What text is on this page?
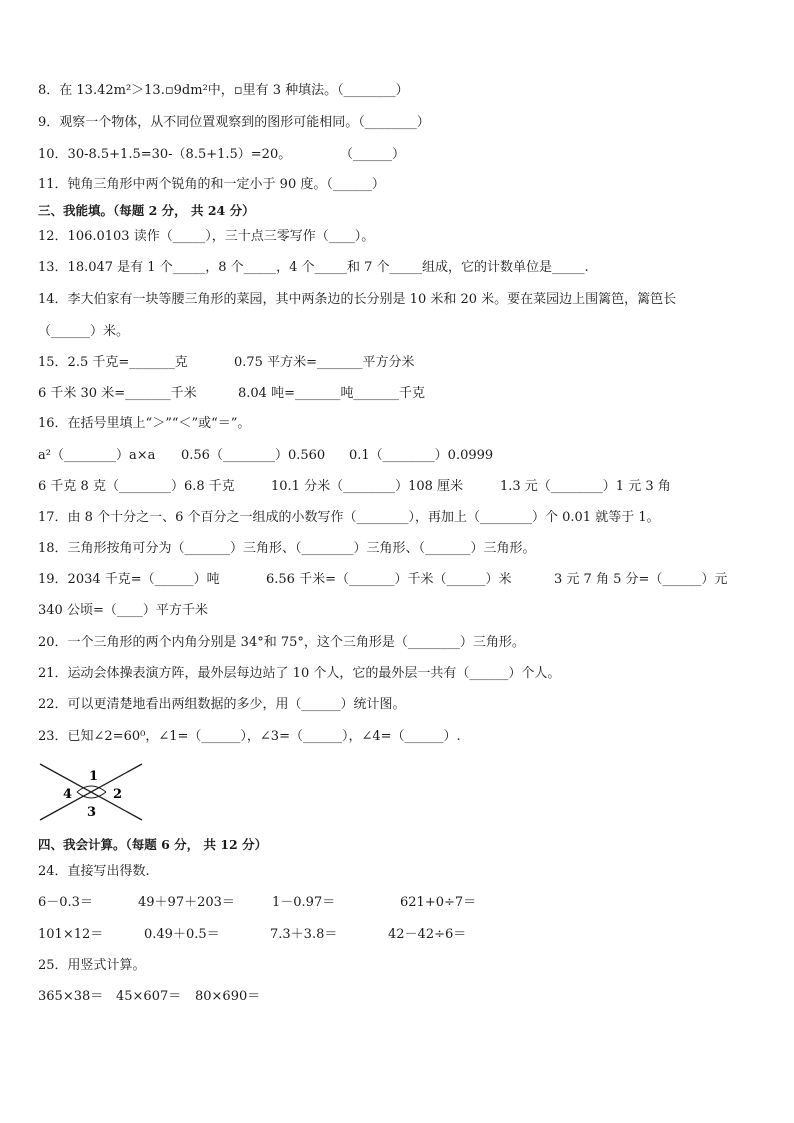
8．在 13.42m²＞13.▫9dm²中，▫里有 3 种填法。（________）
9．观察一个物体，从不同位置观察到的图形可能相同。（________）
10．30-8.5+1.5=30-（8.5+1.5）=20。	（______）
11．钝角三角形中两个锐角的和一定小于 90 度。（______）
三、我能填。（每题 2 分， 共 24 分）
12．106.0103 读作（_____），三十点三零写作（____）。
13．18.047 是有 1 个_____，8 个_____，4 个_____和 7 个_____组成，它的计数单位是_____.
14．李大伯家有一块等腰三角形的菜园，其中两条边的长分别是 10 米和 20 米。要在菜园边上围篱笆，篱笆长
（______）米。
15．2.5 千克=_______克	0.75 平方米=_______平方分米
6 千米 30 米=_______千米	8.04 吨=_______吨_______千克
16．在括号里填上“＞”“＜”或“＝”。
a²（________）a×a 0.56（________）0.560 0.1（________）0.0999
6 千克 8 克（________）6.8 千克	10.1 分米（________）108 厘米	1.3 元（________）1 元 3 角
17．由 8 个十分之一、6 个百分之一组成的小数写作（________），再加上（________）个 0.01 就等于 1。
18．三角形按角可分为（_______）三角形、（________）三角形、（_______）三角形。
19．2034 千克=（______）吨	6.56 千米=（_______）千米（______）米	3 元 7 角 5 分=（______）元
340 公顷=（____）平方千米
20．一个三角形的两个内角分别是 34°和 75°，这个三角形是（________）三角形。
21．运动会体操表演方阵，最外层每边站了 10 个人，它的最外层一共有（______）个人。
22．可以更清楚地看出两组数据的多少，用（______）统计图。
23．已知∠2=60⁰，∠1=（______），∠3=（______），∠4=（______）.
1
2
3
4
四、我会计算。（每题 6 分， 共 12 分）
24．直接写出得数.
6－0.3＝	49＋97＋203＝	1－0.97＝	621+0÷7＝
101×12＝	0.49＋0.5＝	7.3＋3.8＝	42－42÷6＝
25．用竖式计算。
365×38＝ 45×607＝ 80×690＝
